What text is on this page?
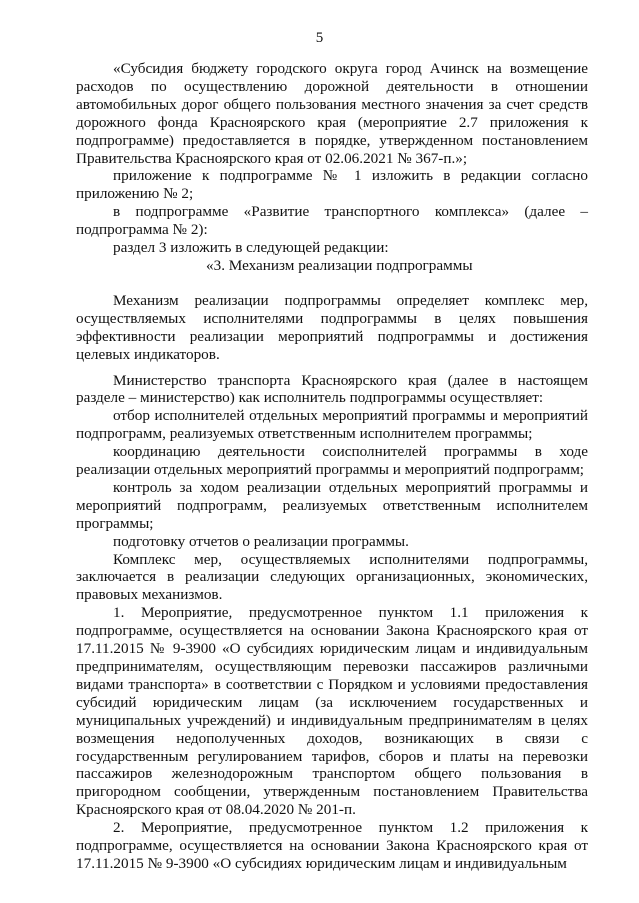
5

«Субсидия бюджету городского округа город Ачинск на возмещение расходов по осуществлению дорожной деятельности в отношении автомобильных дорог общего пользования местного значения за счет средств дорожного фонда Красноярского края (мероприятие 2.7 приложения к подпрограмме) предоставляется в порядке, утвержденном постановлением Правительства Красноярского края от 02.06.2021 № 367-п.»;

приложение к подпрограмме № 1 изложить в редакции согласно приложению № 2;

в подпрограмме «Развитие транспортного комплекса» (далее – подпрограмма № 2):

раздел 3 изложить в следующей редакции:

«3. Механизм реализации подпрограммы

Механизм реализации подпрограммы определяет комплекс мер, осуществляемых исполнителями подпрограммы в целях повышения эффективности реализации мероприятий подпрограммы и достижения целевых индикаторов.

Министерство транспорта Красноярского края (далее в настоящем разделе – министерство) как исполнитель подпрограммы осуществляет:

отбор исполнителей отдельных мероприятий программы и мероприятий подпрограмм, реализуемых ответственным исполнителем программы;

координацию деятельности соисполнителей программы в ходе реализации отдельных мероприятий программы и мероприятий подпрограмм;

контроль за ходом реализации отдельных мероприятий программы и мероприятий подпрограмм, реализуемых ответственным исполнителем программы;

подготовку отчетов о реализации программы.

Комплекс мер, осуществляемых исполнителями подпрограммы, заключается в реализации следующих организационных, экономических, правовых механизмов.

1. Мероприятие, предусмотренное пунктом 1.1 приложения к подпрограмме, осуществляется на основании Закона Красноярского края от 17.11.2015 № 9-3900 «О субсидиях юридическим лицам и индивидуальным предпринимателям, осуществляющим перевозки пассажиров различными видами транспорта» в соответствии с Порядком и условиями предоставления субсидий юридическим лицам (за исключением государственных и муниципальных учреждений) и индивидуальным предпринимателям в целях возмещения недополученных доходов, возникающих в связи с государственным регулированием тарифов, сборов и платы на перевозки пассажиров железнодорожным транспортом общего пользования в пригородном сообщении, утвержденным постановлением Правительства Красноярского края от 08.04.2020 № 201-п.

2. Мероприятие, предусмотренное пунктом 1.2 приложения к подпрограмме, осуществляется на основании Закона Красноярского края от 17.11.2015 № 9-3900 «О субсидиях юридическим лицам и индивидуальным
